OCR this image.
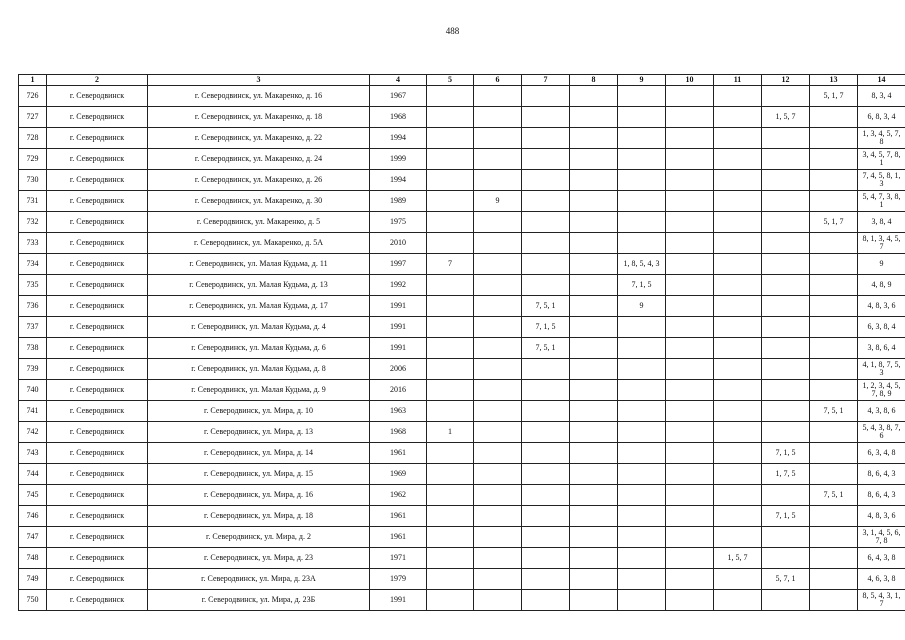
488
1	2	3	4	5	6	7	8	9	10	11	12	13	14
726	г. Северодвинск	г. Северодвинск, ул. Макаренко, д. 16	1967									5, 1, 7	8, 3, 4
727	г. Северодвинск	г. Северодвинск, ул. Макаренко, д. 18	1968								1, 5, 7		6, 8, 3, 4
728	г. Северодвинск	г. Северодвинск, ул. Макаренко, д. 22	1994										1, 3, 4, 5, 7, 8
729	г. Северодвинск	г. Северодвинск, ул. Макаренко, д. 24	1999										3, 4, 5, 7, 8, 1
730	г. Северодвинск	г. Северодвинск, ул. Макаренко, д. 26	1994										7, 4, 5, 8, 1, 3
731	г. Северодвинск	г. Северодвинск, ул. Макаренко, д. 30	1989		9								5, 4, 7, 3, 8, 1
732	г. Северодвинск	г. Северодвинск, ул. Макаренко, д. 5	1975									5, 1, 7	3, 8, 4
733	г. Северодвинск	г. Северодвинск, ул. Макаренко, д. 5А	2010										8, 1, 3, 4, 5, 7
734	г. Северодвинск	г. Северодвинск, ул. Малая Кудьма, д. 11	1997	7				1, 8, 5, 4, 3					9
735	г. Северодвинск	г. Северодвинск, ул. Малая Кудьма, д. 13	1992					7, 1, 5					4, 8, 9
736	г. Северодвинск	г. Северодвинск, ул. Малая Кудьма, д. 17	1991			7, 5, 1		9					4, 8, 3, 6
737	г. Северодвинск	г. Северодвинск, ул. Малая Кудьма, д. 4	1991			7, 1, 5							6, 3, 8, 4
738	г. Северодвинск	г. Северодвинск, ул. Малая Кудьма, д. 6	1991			7, 5, 1							3, 8, 6, 4
739	г. Северодвинск	г. Северодвинск, ул. Малая Кудьма, д. 8	2006										4, 1, 8, 7, 5, 3
740	г. Северодвинск	г. Северодвинск, ул. Малая Кудьма, д. 9	2016										1, 2, 3, 4, 5, 7, 8, 9
741	г. Северодвинск	г. Северодвинск, ул. Мира, д. 10	1963									7, 5, 1	4, 3, 8, 6
742	г. Северодвинск	г. Северодвинск, ул. Мира, д. 13	1968	1									5, 4, 3, 8, 7, 6
743	г. Северодвинск	г. Северодвинск, ул. Мира, д. 14	1961								7, 1, 5		6, 3, 4, 8
744	г. Северодвинск	г. Северодвинск, ул. Мира, д. 15	1969								1, 7, 5		8, 6, 4, 3
745	г. Северодвинск	г. Северодвинск, ул. Мира, д. 16	1962									7, 5, 1	8, 6, 4, 3
746	г. Северодвинск	г. Северодвинск, ул. Мира, д. 18	1961								7, 1, 5		4, 8, 3, 6
747	г. Северодвинск	г. Северодвинск, ул. Мира, д. 2	1961										3, 1, 4, 5, 6, 7, 8
748	г. Северодвинск	г. Северодвинск, ул. Мира, д. 23	1971							1, 5, 7			6, 4, 3, 8
749	г. Северодвинск	г. Северодвинск, ул. Мира, д. 23А	1979								5, 7, 1		4, 6, 3, 8
750	г. Северодвинск	г. Северодвинск, ул. Мира, д. 23Б	1991										8, 5, 4, 3, 1, 7
